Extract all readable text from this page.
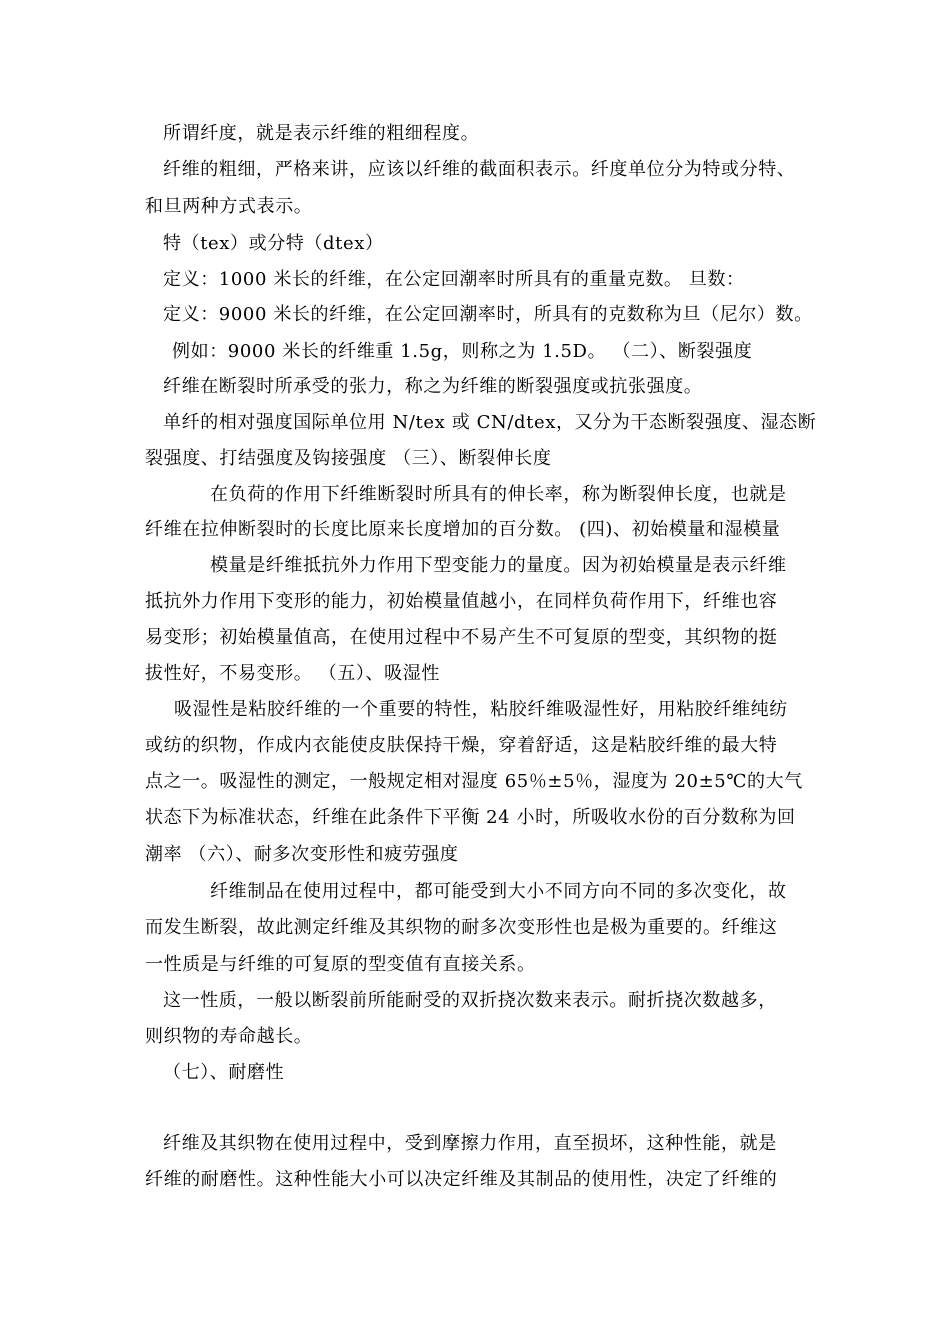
所谓纤度，就是表示纤维的粗细程度。

纤维的粗细，严格来讲，应该以纤维的截面积表示。纤度单位分为特或分特、

和旦两种方式表示。

特（tex）或分特（dtex）

定义：1000 米长的纤维，在公定回潮率时所具有的重量克数。 旦数：

定义：9000 米长的纤维，在公定回潮率时，所具有的克数称为旦（尼尔）数。

例如：9000 米长的纤维重 1.5g，则称之为 1.5D。 （二）、断裂强度

纤维在断裂时所承受的张力，称之为纤维的断裂强度或抗张强度。

单纤的相对强度国际单位用 N/tex 或 CN/dtex，又分为干态断裂强度、湿态断

裂强度、打结强度及钩接强度 （三）、断裂伸长度

在负荷的作用下纤维断裂时所具有的伸长率，称为断裂伸长度，也就是

纤维在拉伸断裂时的长度比原来长度增加的百分数。 (四)、初始模量和湿模量

模量是纤维抵抗外力作用下型变能力的量度。因为初始模量是表示纤维

抵抗外力作用下变形的能力，初始模量值越小，在同样负荷作用下，纤维也容

易变形；初始模量值高，在使用过程中不易产生不可复原的型变，其织物的挺

拔性好，不易变形。 （五）、吸湿性

吸湿性是粘胶纤维的一个重要的特性，粘胶纤维吸湿性好，用粘胶纤维纯纺

或纺的织物，作成内衣能使皮肤保持干燥，穿着舒适，这是粘胶纤维的最大特

点之一。吸湿性的测定，一般规定相对湿度 65％±5％，湿度为 20±5℃的大气

状态下为标准状态，纤维在此条件下平衡 24 小时，所吸收水份的百分数称为回

潮率 （六）、耐多次变形性和疲劳强度

纤维制品在使用过程中，都可能受到大小不同方向不同的多次变化，故

而发生断裂，故此测定纤维及其织物的耐多次变形性也是极为重要的。纤维这

一性质是与纤维的可复原的型变值有直接关系。

这一性质，一般以断裂前所能耐受的双折挠次数来表示。耐折挠次数越多，

则织物的寿命越长。

（七）、耐磨性

纤维及其织物在使用过程中，受到摩擦力作用，直至损坏，这种性能，就是

纤维的耐磨性。这种性能大小可以决定纤维及其制品的使用性，决定了纤维的
